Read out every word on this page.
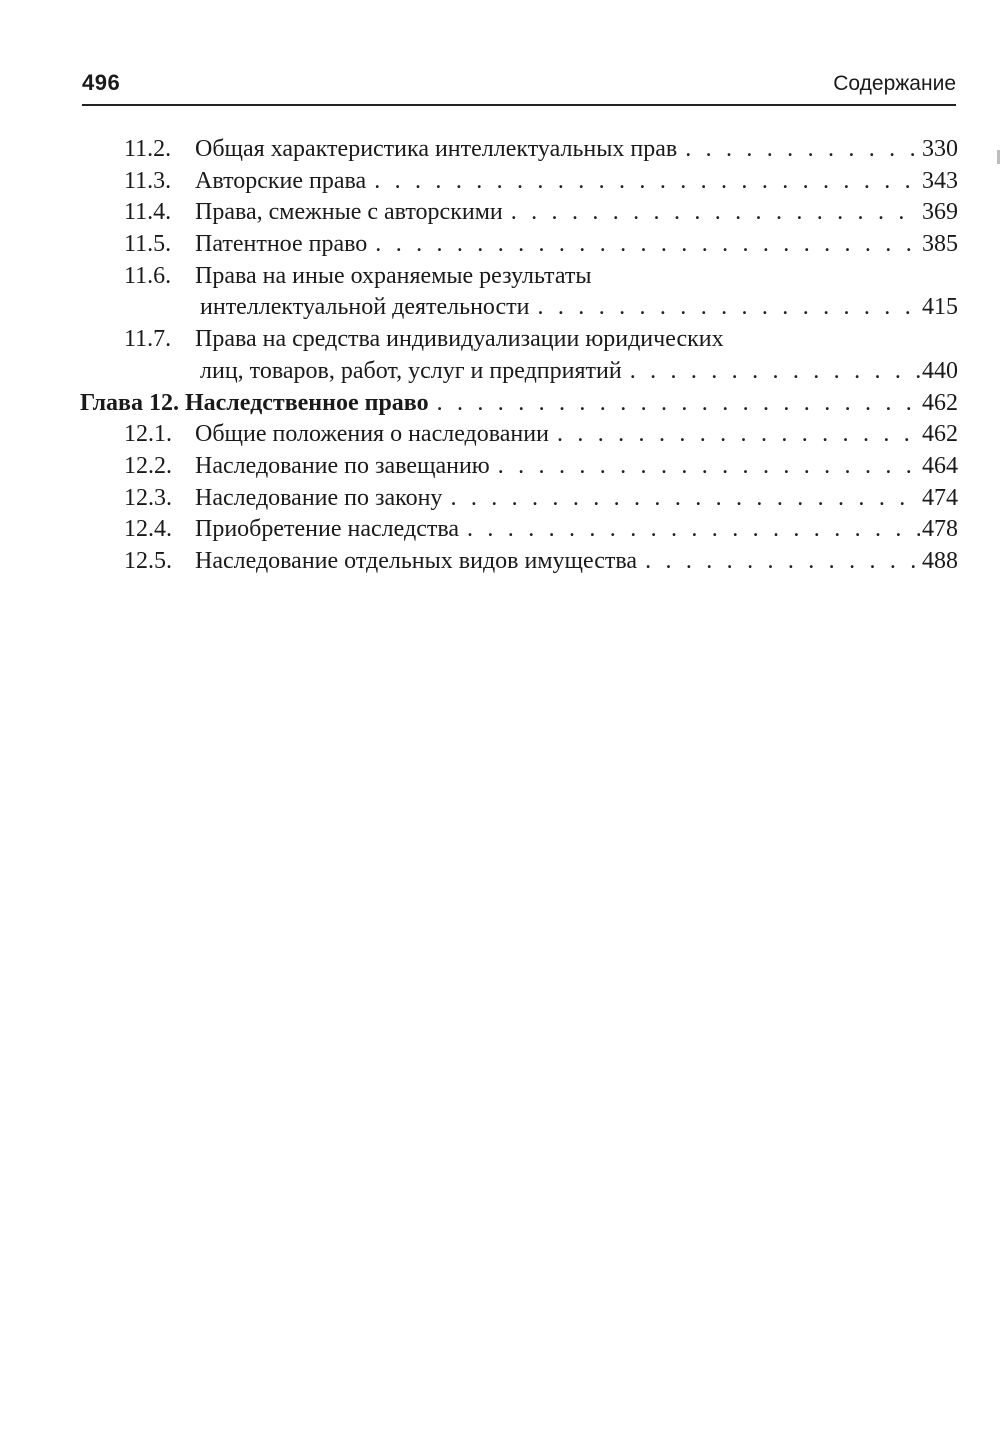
496	Содержание
11.2. Общая характеристика интеллектуальных прав . . .	330
11.3. Авторские права . . .	343
11.4. Права, смежные с авторскими . . .	369
11.5. Патентное право . . .	385
11.6. Права на иные охраняемые результаты
интеллектуальной деятельности . . .	415
11.7. Права на средства индивидуализации юридических
лиц, товаров, работ, услуг и предприятий . . .	440
Глава 12. Наследственное право . . .	462
12.1. Общие положения о наследовании . . .	462
12.2. Наследование по завещанию . . .	464
12.3. Наследование по закону . . .	474
12.4. Приобретение наследства . . .	478
12.5. Наследование отдельных видов имущества . . .	488
